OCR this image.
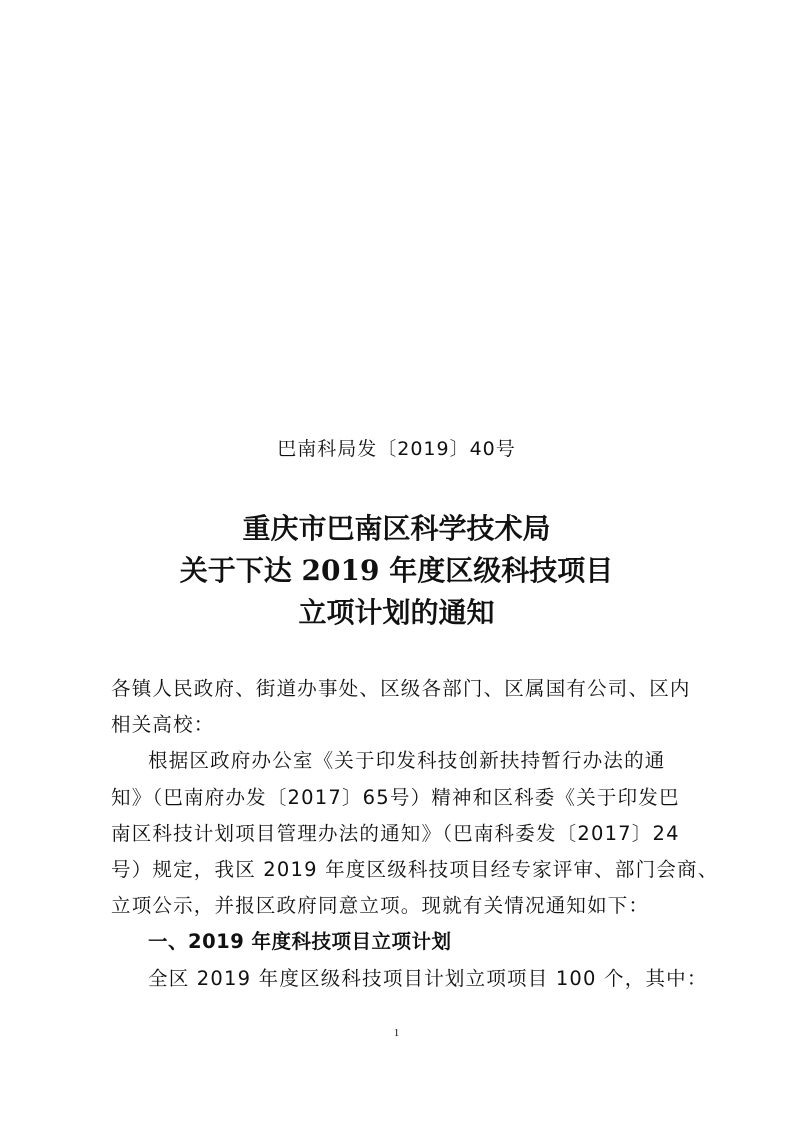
巴南科局发〔2019〕40号
重庆市巴南区科学技术局
关于下达 2019 年度区级科技项目
立项计划的通知
各镇人民政府、街道办事处、区级各部门、区属国有公司、区内
相关高校：
根据区政府办公室《关于印发科技创新扶持暂行办法的通
知》（巴南府办发〔2017〕65号）精神和区科委《关于印发巴
南区科技计划项目管理办法的通知》（巴南科委发〔2017〕24
号）规定，我区 2019 年度区级科技项目经专家评审、部门会商、
立项公示，并报区政府同意立项。现就有关情况通知如下：
一、2019 年度科技项目立项计划
全区 2019 年度区级科技项目计划立项项目 100 个，其中：
1
